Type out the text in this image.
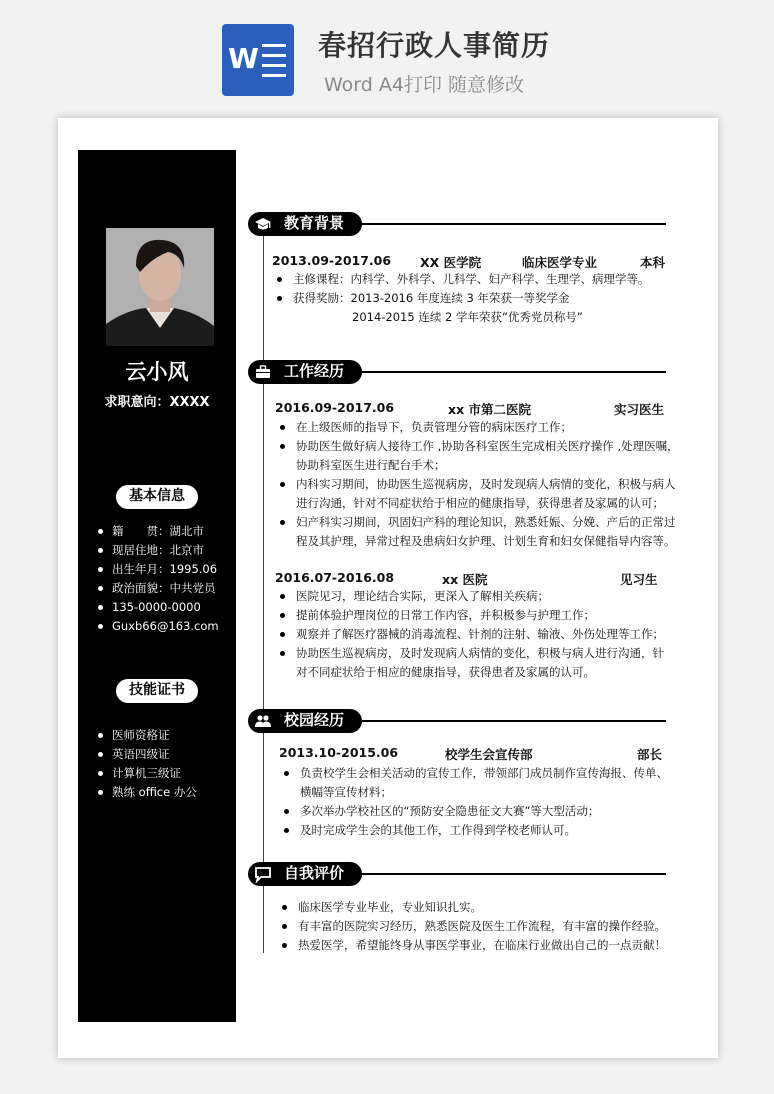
W 春招行政人事简历
Word A4打印 随意修改
云小风
求职意向：XXXX
基本信息
籍　　贯：湖北市
现居住地：北京市
出生年月：1995.06
政治面貌：中共党员
135-0000-0000
Guxb66@163.com
技能证书
医师资格证
英语四级证
计算机三级证
熟练 office 办公
教育背景
2013.09-2017.06 XX 医学院	临床医学专业	本科
主修课程：内科学、外科学、儿科学、妇产科学、生理学、病理学等。
获得奖励：2013-2016 年度连续 3 年荣获一等奖学金
2014-2015 连续 2 学年荣获“优秀党员称号”
工作经历
2016.09-2017.06	xx 市第二医院	实习医生
在上级医师的指导下，负责管理分管的病床医疗工作；
协助医生做好病人接待工作 ,协助各科室医生完成相关医疗操作 ,处理医嘱，
协助科室医生进行配台手术；
内科实习期间，协助医生巡视病房，及时发现病人病情的变化，积极与病人
进行沟通，针对不同症状给于相应的健康指导，获得患者及家属的认可；
妇产科实习期间，巩固妇产科的理论知识，熟悉妊娠、分娩、产后的正常过
程及其护理，异常过程及患病妇女护理、计划生育和妇女保健指导内容等。
2016.07-2016.08	xx 医院	见习生
医院见习，理论结合实际，更深入了解相关疾病；
提前体验护理岗位的日常工作内容，并积极参与护理工作；
观察并了解医疗器械的消毒流程、针剂的注射、输液、外伤处理等工作；
协助医生巡视病房，及时发现病人病情的变化，积极与病人进行沟通，针
对不同症状给于相应的健康指导，获得患者及家属的认可。
校园经历
2013.10-2015.06	校学生会宣传部	部长
负责校学生会相关活动的宣传工作，带领部门成员制作宣传海报、传单、
横幅等宣传材料；
多次举办学校社区的“预防安全隐患征文大赛”等大型活动；
及时完成学生会的其他工作，工作得到学校老师认可。
自我评价
临床医学专业毕业，专业知识扎实。
有丰富的医院实习经历，熟悉医院及医生工作流程，有丰富的操作经验。
热爱医学，希望能终身从事医学事业，在临床行业做出自己的一点贡献！
